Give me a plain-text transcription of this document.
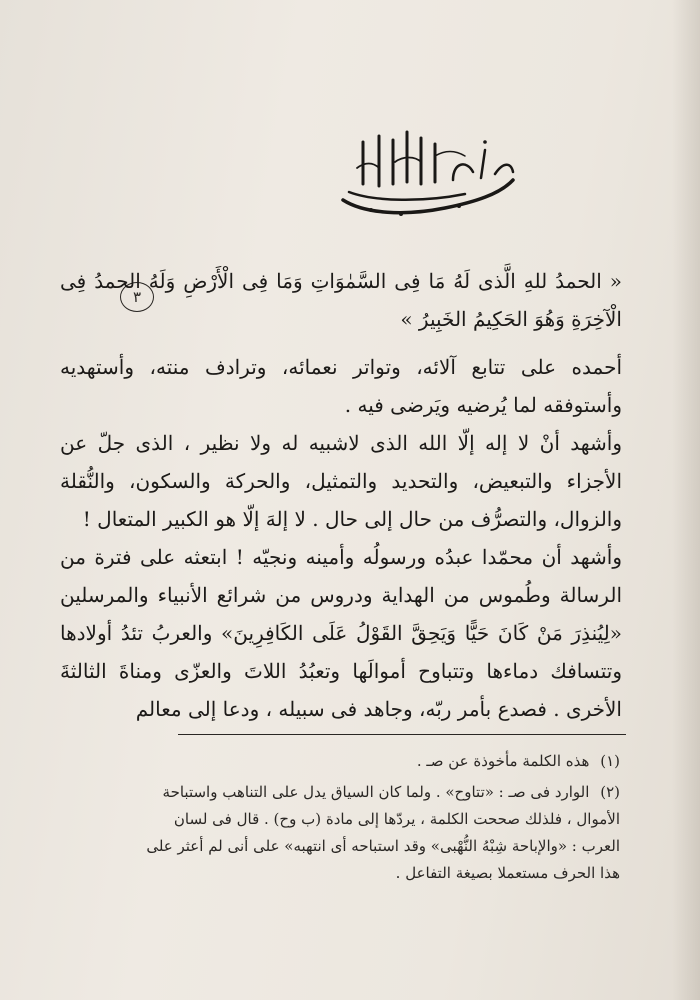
٣

« الحمدُ للهِ الَّذى لَهُ مَا فِى السَّمٰوَاتِ وَمَا فِى الْأَرْضِ وَلَهُ الحمدُ فِى الْآخِرَةِ وَهُوَ الحَكِيمُ الخَبِيرُ »

أحمده على تتابع آلائه، وتواتر نعمائه، وترادف منته، وأستهديه وأستوفقه لما يُرضيه ويَرضى فيه .

وأشهد أنْ لا إله إلّا الله الذى لاشبيه له ولا نظير ، الذى جلّ عن الأجزاء والتبعيض، والتحديد والتمثيل، والحركة والسكون، والنُّقلة والزوال، والتصرُّف من حال إلى حال . لا إلهَ إلّا هو الكبير المتعال !

وأشهد أن محمّدا عبدُه ورسولُه وأمينه ونجيّه ! ابتعثه على فترة من الرسالة وطُموس من الهداية ودروس من شرائع الأنبياء والمرسلين «لِيُنذِرَ مَنْ كَانَ حَيًّا وَيَحِقَّ القَوْلُ عَلَى الكَافِرِينَ» والعربُ تئدُ أولادها وتتسافك دماءها وتتباوح أموالَها وتعبُدُ اللاتَ والعزّى ومناةَ الثالثةَ الأخرى . فصدع بأمر ربّه، وجاهد فى سبيله ، ودعا إلى معالم

(١) هذه الكلمة مأخوذة عن صـ .

(٢) الوارد فى صـ : «تتاوح» . ولما كان السياق يدل على التناهب واستباحة الأموال ، فلذلك صححت الكلمة ، يردّها إلى مادة (ب وح) . قال فى لسان العرب : «والإباحة شِبْهُ النُّهْبى» وقد استباحه أى انتهبه» على أنى لم أعثر على هذا الحرف مستعملا بصيغة التفاعل .
